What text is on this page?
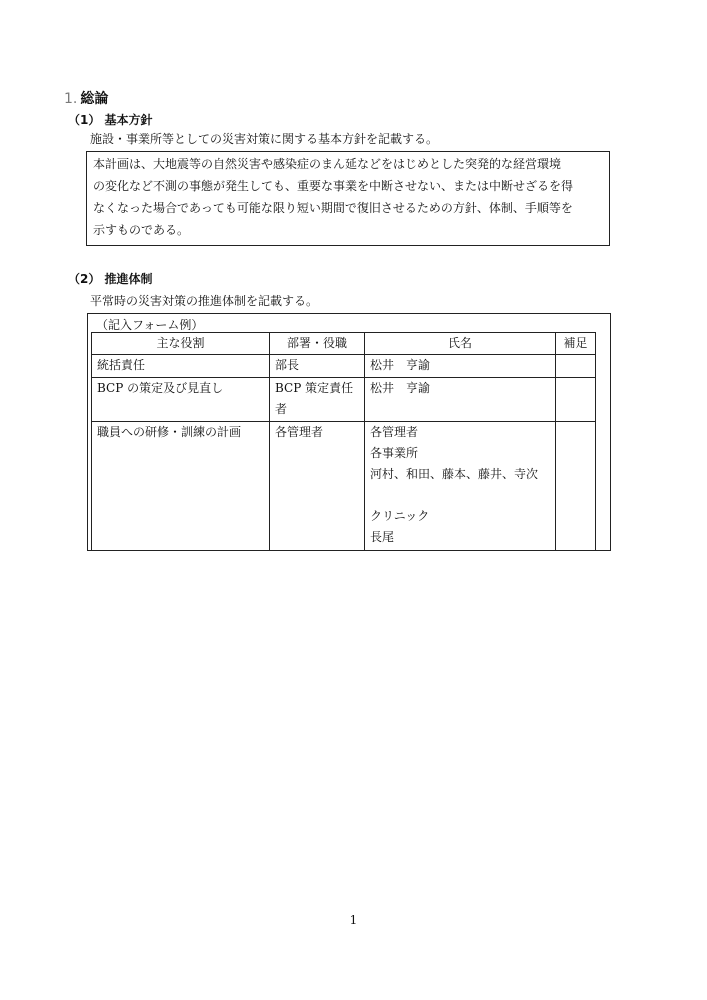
1. 総論
（1） 基本方針
施設・事業所等としての災害対策に関する基本方針を記載する。
本計画は、大地震等の自然災害や感染症のまん延などをはじめとした突発的な経営環境
の変化など不測の事態が発生しても、重要な事業を中断させない、または中断せざるを得
なくなった場合であっても可能な限り短い期間で復旧させるための方針、体制、手順等を
示すものである。
（2） 推進体制
平常時の災害対策の推進体制を記載する。
（記入フォーム例）
主な役割	部署・役職	氏名	補足

統括責任	部長	松井　亨諭	

BCP の策定及び見直し	BCP 策定責任
者	松井　亨諭	

職員への研修・訓練の計画	各管理者	各管理者
各事業所
河村、和田、藤本、藤井、寺次

クリニック
長尾	

1
